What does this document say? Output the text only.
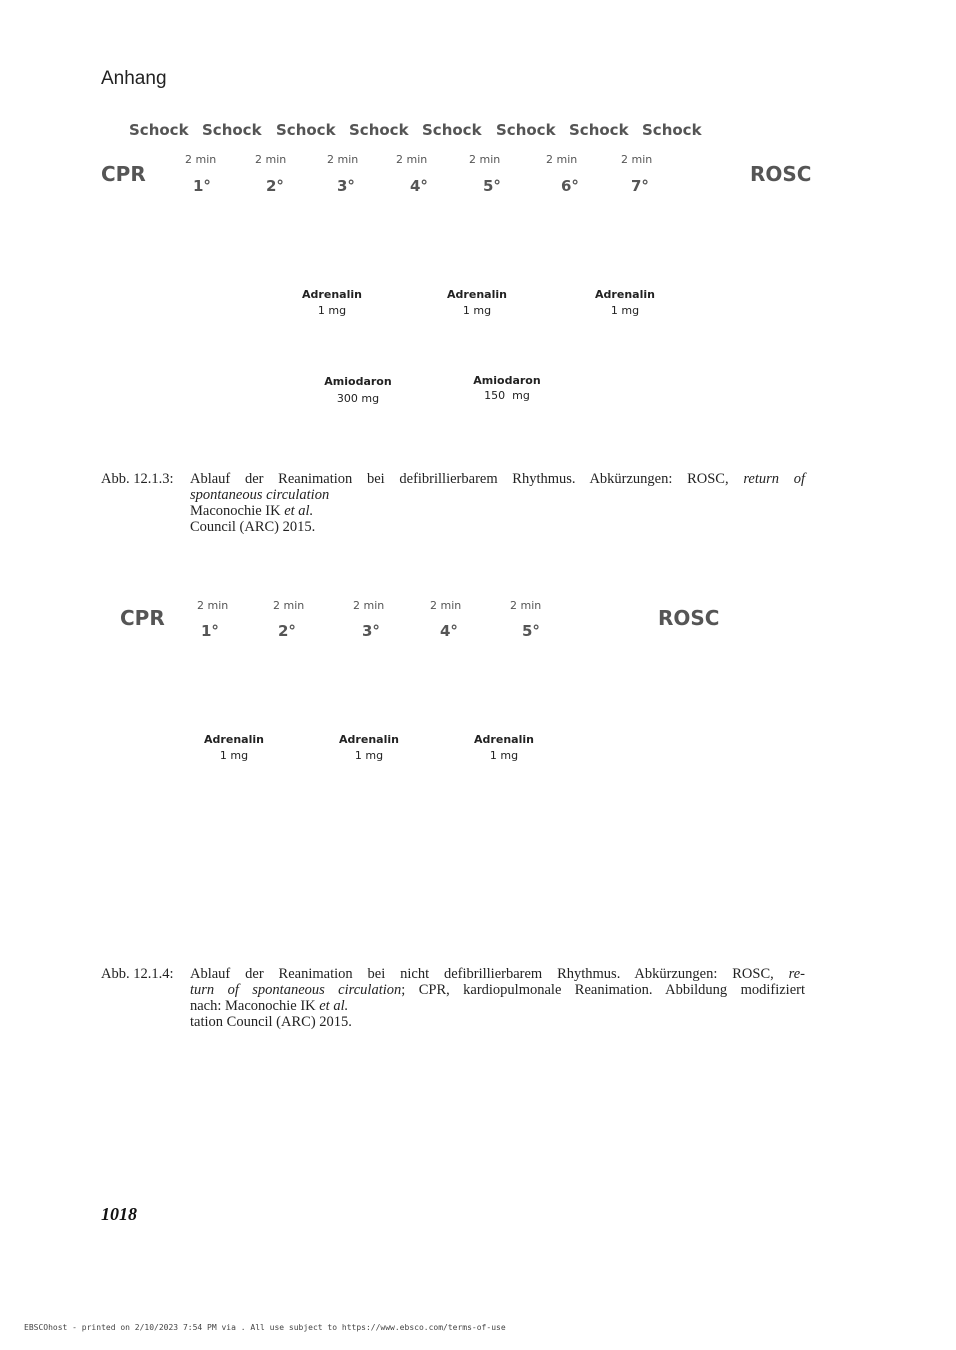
Anhang
Schock Schock Schock Schock Schock Schock Schock Schock
CPR	ROSC
2 min
1°
2 min
2°
2 min
3°
2 min
4°
2 min
5°
2 min
6°
2 min
7°
Adrenalin
1 mg
Adrenalin
1 mg
Adrenalin
1 mg
Amiodaron
300 mg
Amiodaron
150  mg
Abb. 12.1.3: Ablauf der Reanimation bei defibrillierbarem Rhythmus. Abkürzungen: ROSC, return of
spontaneous circulation
Maconochie IK et al.
Council (ARC) 2015.
CPR	ROSC
2 min
1°
2 min
2°
2 min
3°
2 min
4°
2 min
5°
Adrenalin
1 mg
Adrenalin
1 mg
Adrenalin
1 mg
Abb. 12.1.4: Ablauf der Reanimation bei nicht defibrillierbarem Rhythmus. Abkürzungen: ROSC, re-
turn of spontaneous circulation; CPR, kardiopulmonale Reanimation. Abbildung modifiziert
nach: Maconochie IK et al.
tation Council (ARC) 2015.
1018
EBSCOhost - printed on 2/10/2023 7:54 PM via . All use subject to https://www.ebsco.com/terms-of-use
